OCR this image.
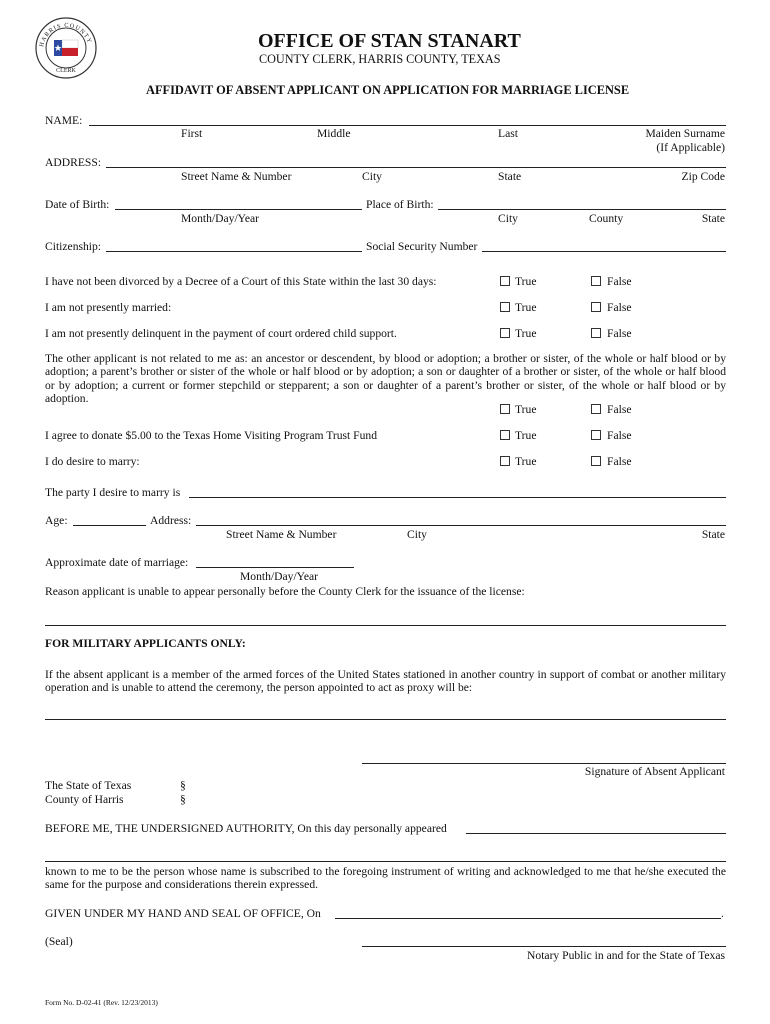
HARRIS COUNTY
CLERK
OFFICE OF STAN STANART
COUNTY CLERK, HARRIS COUNTY, TEXAS
AFFIDAVIT OF ABSENT APPLICANT ON APPLICATION FOR MARRIAGE LICENSE
NAME:
First	Middle	Last	Maiden Surname
(If Applicable)
ADDRESS:
Street Name & Number	City	State	Zip Code
Date of Birth:	Place of Birth:
Month/Day/Year	City	County	State
Citizenship:	Social Security Number
I have not been divorced by a Decree of a Court of this State within the last 30 days:	True	False
I am not presently married:	True	False
I am not presently delinquent in the payment of court ordered child support.	True	False
The other applicant is not related to me as: an ancestor or descendent, by blood or adoption; a brother or sister, of the whole or half blood or by adoption; a parent’s brother or sister of the whole or half blood or by adoption; a son or daughter of a brother or sister, of the whole or half blood or by adoption; a current or former stepchild or stepparent; a son or daughter of a parent’s brother or sister, of the whole or half blood or by adoption.
True	False
I agree to donate $5.00 to the Texas Home Visiting Program Trust Fund	True	False
I do desire to marry:	True	False
The party I desire to marry is
Age:	Address:
Street Name & Number	City	State
Approximate date of marriage:
Month/Day/Year
Reason applicant is unable to appear personally before the County Clerk for the issuance of the license:
FOR MILITARY APPLICANTS ONLY:
If the absent applicant is a member of the armed forces of the United States stationed in another country in support of combat or another military operation and is unable to attend the ceremony, the person appointed to act as proxy will be:
Signature of Absent Applicant
The State of Texas	§
County of Harris	§
BEFORE ME, THE UNDERSIGNED AUTHORITY, On this day personally appeared
known to me to be the person whose name is subscribed to the foregoing instrument of writing and acknowledged to me that he/she executed the same for the purpose and considerations therein expressed.
GIVEN UNDER MY HAND AND SEAL OF OFFICE, On	.
(Seal)
Notary Public in and for the State of Texas
Form No. D-02-41 (Rev. 12/23/2013)
